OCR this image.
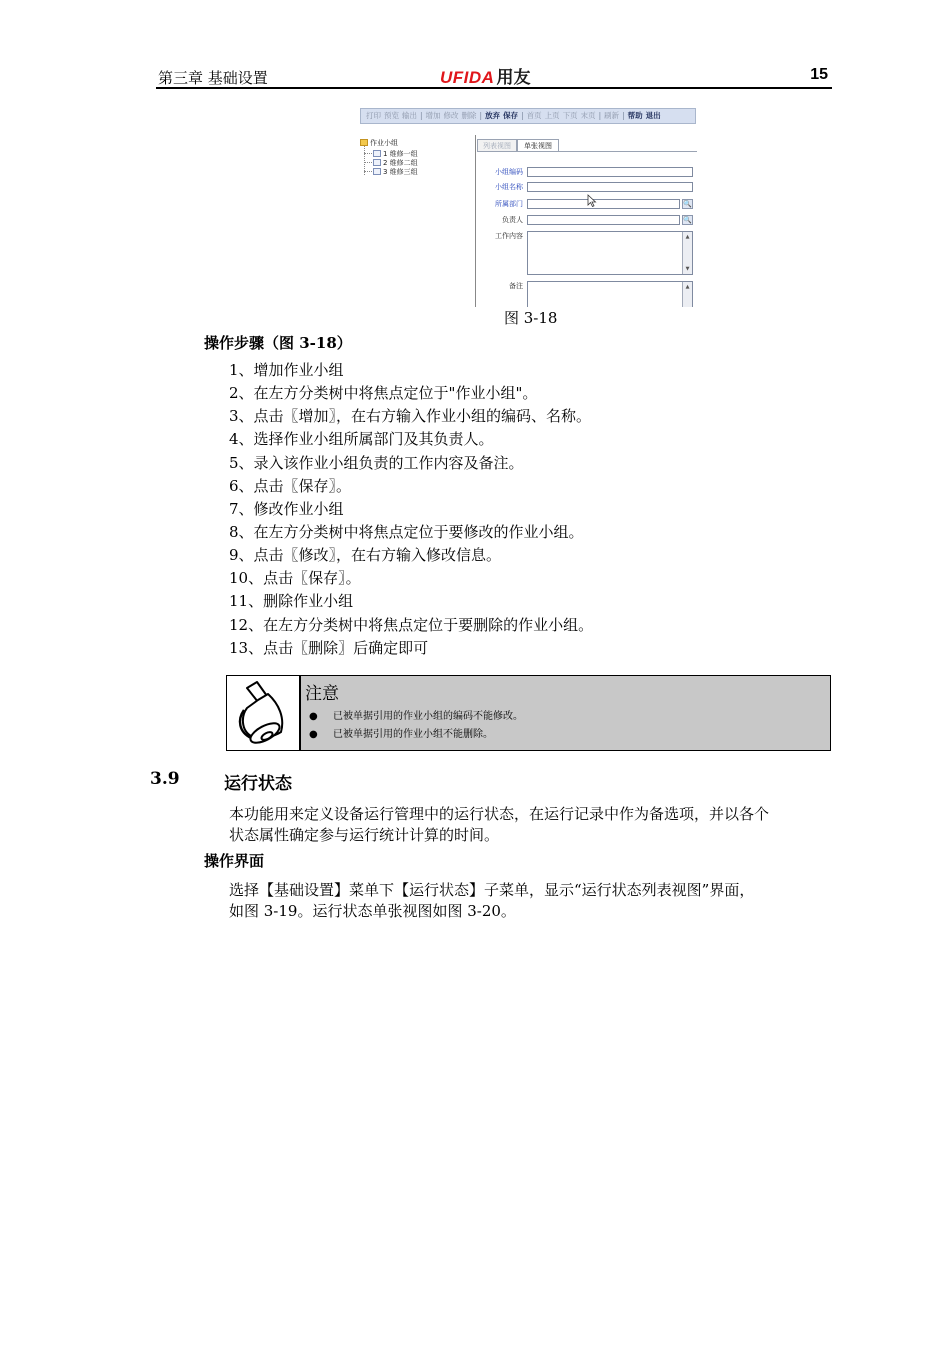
第三章 基础设置	UFIDA 用友	15
打印 预览 输出 | 增加 修改 删除 | 放弃 保存 | 首页 上页 下页 末页 | 刷新 | 帮助 退出
作业小组
1 维修一组
2 维修二组
3 维修三组
列表视图	单张视图
小组编码
小组名称
所属部门	🔍
负责人	🔍
工作内容	▲
▼
备注	▲
图 3-18
操作步骤（图 3-18）
1、增加作业小组
2、在左方分类树中将焦点定位于"作业小组"。
3、点击〖增加〗，在右方输入作业小组的编码、名称。
4、选择作业小组所属部门及其负责人。
5、录入该作业小组负责的工作内容及备注。
6、点击〖保存〗。
7、修改作业小组
8、在左方分类树中将焦点定位于要修改的作业小组。
9、点击〖修改〗，在右方输入修改信息。
10、点击〖保存〗。
11、删除作业小组
12、在左方分类树中将焦点定位于要删除的作业小组。
13、点击〖删除〗后确定即可
注意
● 已被单据引用的作业小组的编码不能修改。
● 已被单据引用的作业小组不能删除。
3.9	运行状态
本功能用来定义设备运行管理中的运行状态，在运行记录中作为备选项，并以各个
状态属性确定参与运行统计计算的时间。
操作界面
选择【基础设置】菜单下【运行状态】子菜单，显示“运行状态列表视图”界面，
如图 3-19。运行状态单张视图如图 3-20。
